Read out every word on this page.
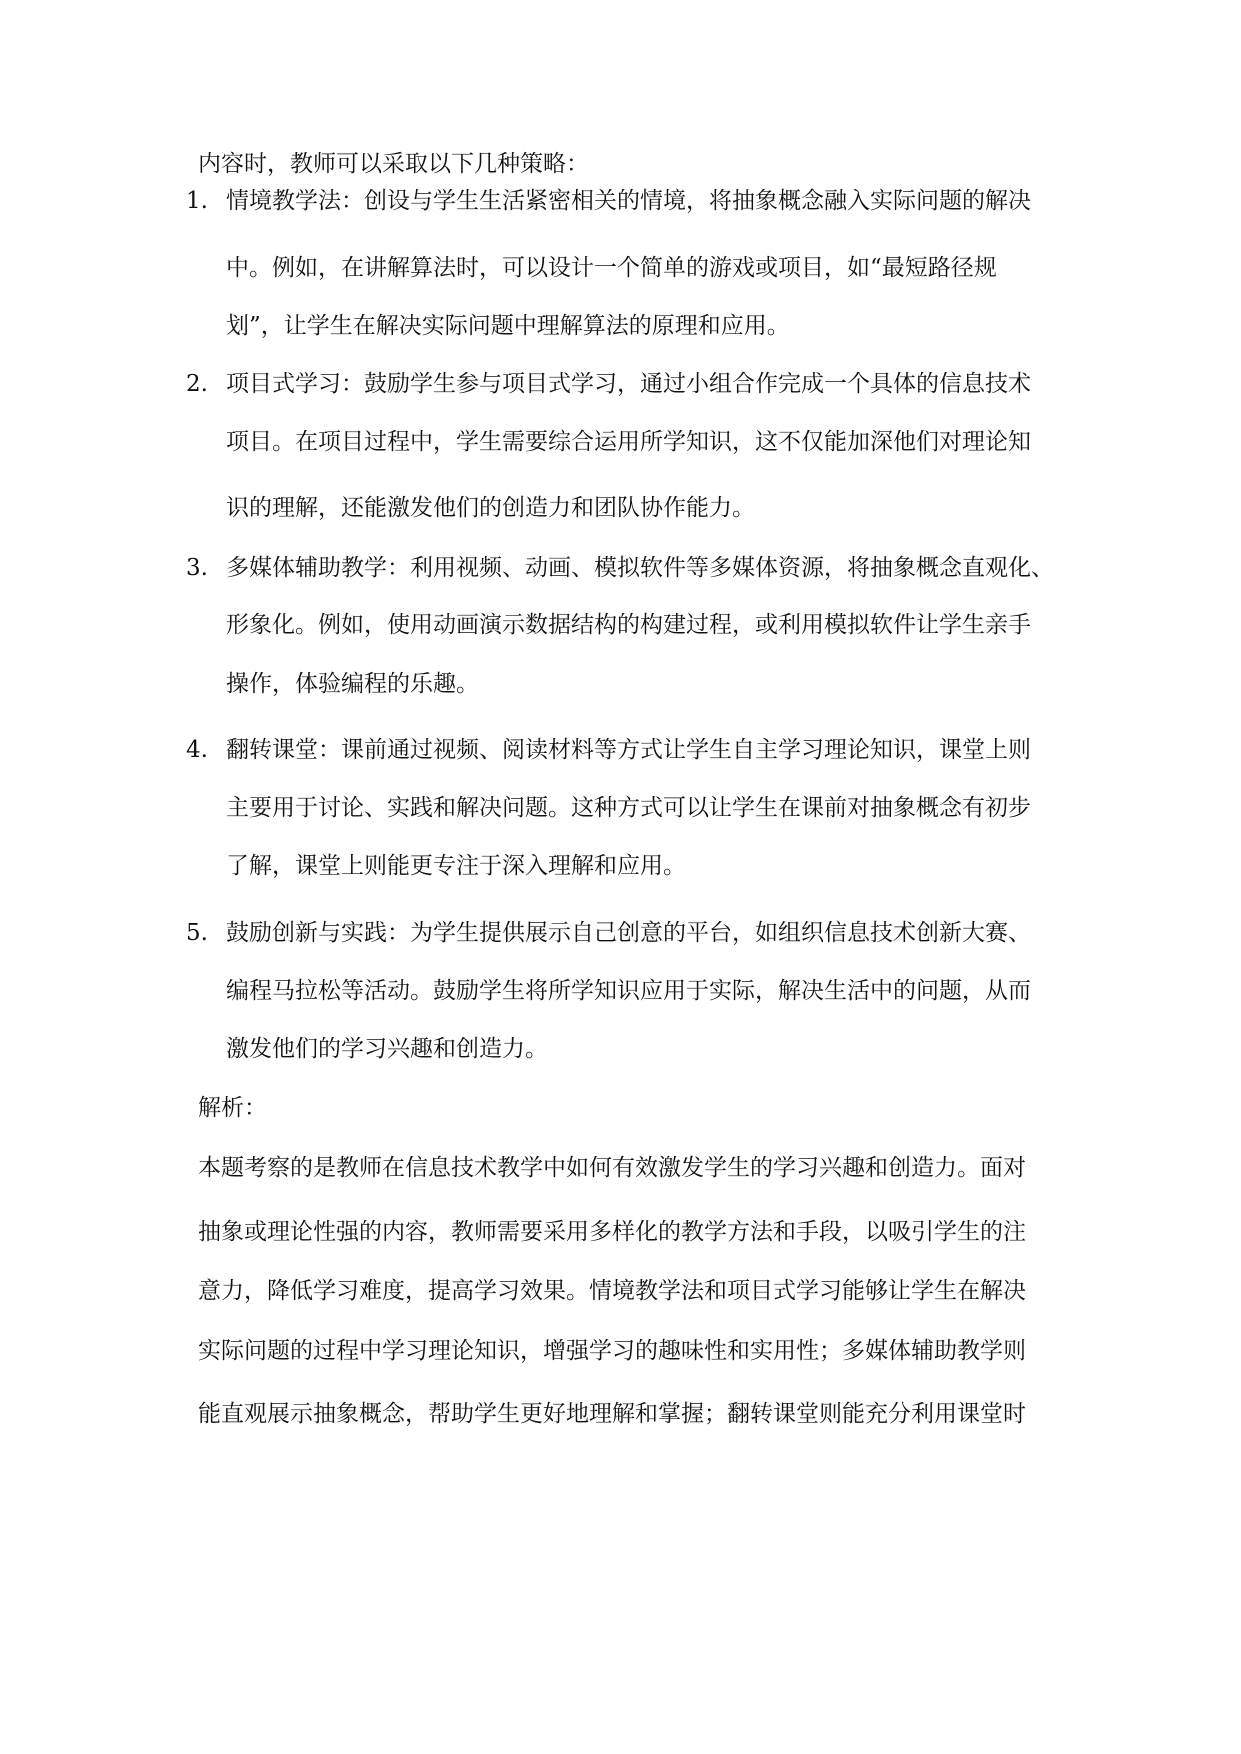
内容时，教师可以采取以下几种策略：
1. 情境教学法：创设与学生生活紧密相关的情境，将抽象概念融入实际问题的解决
中。例如，在讲解算法时，可以设计一个简单的游戏或项目，如“最短路径规
划”，让学生在解决实际问题中理解算法的原理和应用。
2. 项目式学习：鼓励学生参与项目式学习，通过小组合作完成一个具体的信息技术
项目。在项目过程中，学生需要综合运用所学知识，这不仅能加深他们对理论知
识的理解，还能激发他们的创造力和团队协作能力。
3. 多媒体辅助教学：利用视频、动画、模拟软件等多媒体资源，将抽象概念直观化、
形象化。例如，使用动画演示数据结构的构建过程，或利用模拟软件让学生亲手
操作，体验编程的乐趣。
4. 翻转课堂：课前通过视频、阅读材料等方式让学生自主学习理论知识，课堂上则
主要用于讨论、实践和解决问题。这种方式可以让学生在课前对抽象概念有初步
了解，课堂上则能更专注于深入理解和应用。
5. 鼓励创新与实践：为学生提供展示自己创意的平台，如组织信息技术创新大赛、
编程马拉松等活动。鼓励学生将所学知识应用于实际，解决生活中的问题，从而
激发他们的学习兴趣和创造力。
解析：
本题考察的是教师在信息技术教学中如何有效激发学生的学习兴趣和创造力。面对
抽象或理论性强的内容，教师需要采用多样化的教学方法和手段，以吸引学生的注
意力，降低学习难度，提高学习效果。情境教学法和项目式学习能够让学生在解决
实际问题的过程中学习理论知识，增强学习的趣味性和实用性；多媒体辅助教学则
能直观展示抽象概念，帮助学生更好地理解和掌握；翻转课堂则能充分利用课堂时
